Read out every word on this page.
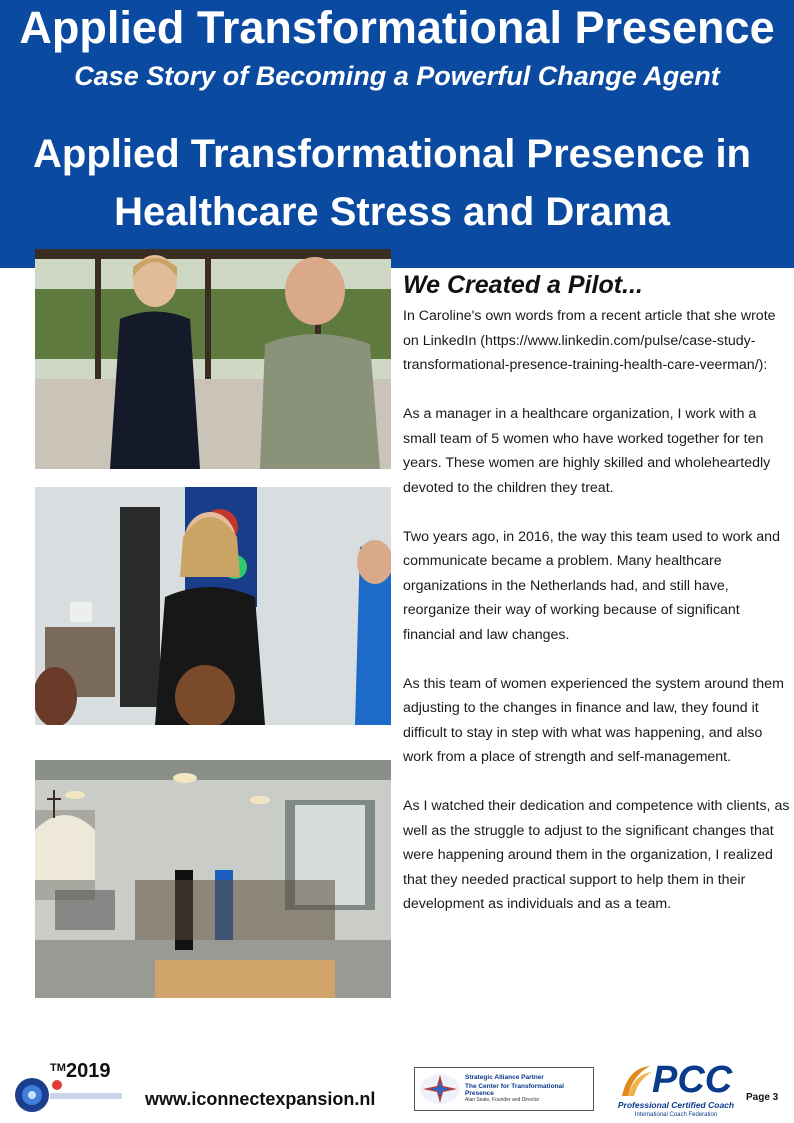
Applied Transformational Presence
Case Story of Becoming a Powerful Change Agent
Applied Transformational Presence in Healthcare Stress and Drama
We Created a Pilot...

In Caroline's own words from a recent article that she wrote on LinkedIn (https://www.linkedin.com/pulse/case-study-transformational-presence-training-health-care-veerman/):

As a manager in a healthcare organization, I work with a small team of 5 women who have worked together for ten years. These women are highly skilled and wholeheartedly devoted to the children they treat.

Two years ago, in 2016, the way this team used to work and communicate became a problem. Many healthcare organizations in the Netherlands had, and still have, reorganize their way of working because of significant financial and law changes.

As this team of women experienced the system around them adjusting to the changes in finance and law, they found it difficult to stay in step with what was happening, and also work from a place of strength and self-management.

As I watched their dedication and competence with clients, as well as the struggle to adjust to the significant changes that were happening around them in the organization, I realized that they needed practical support to help them in their development as individuals and as a team.

TM 2019
www.iconnectexpansion.nl
Strategic Alliance Partner
The Center for Transformational Presence
Alan Seale, Founder and Director	PCC
Professional Certified Coach
International Coach Federation
Page 3
